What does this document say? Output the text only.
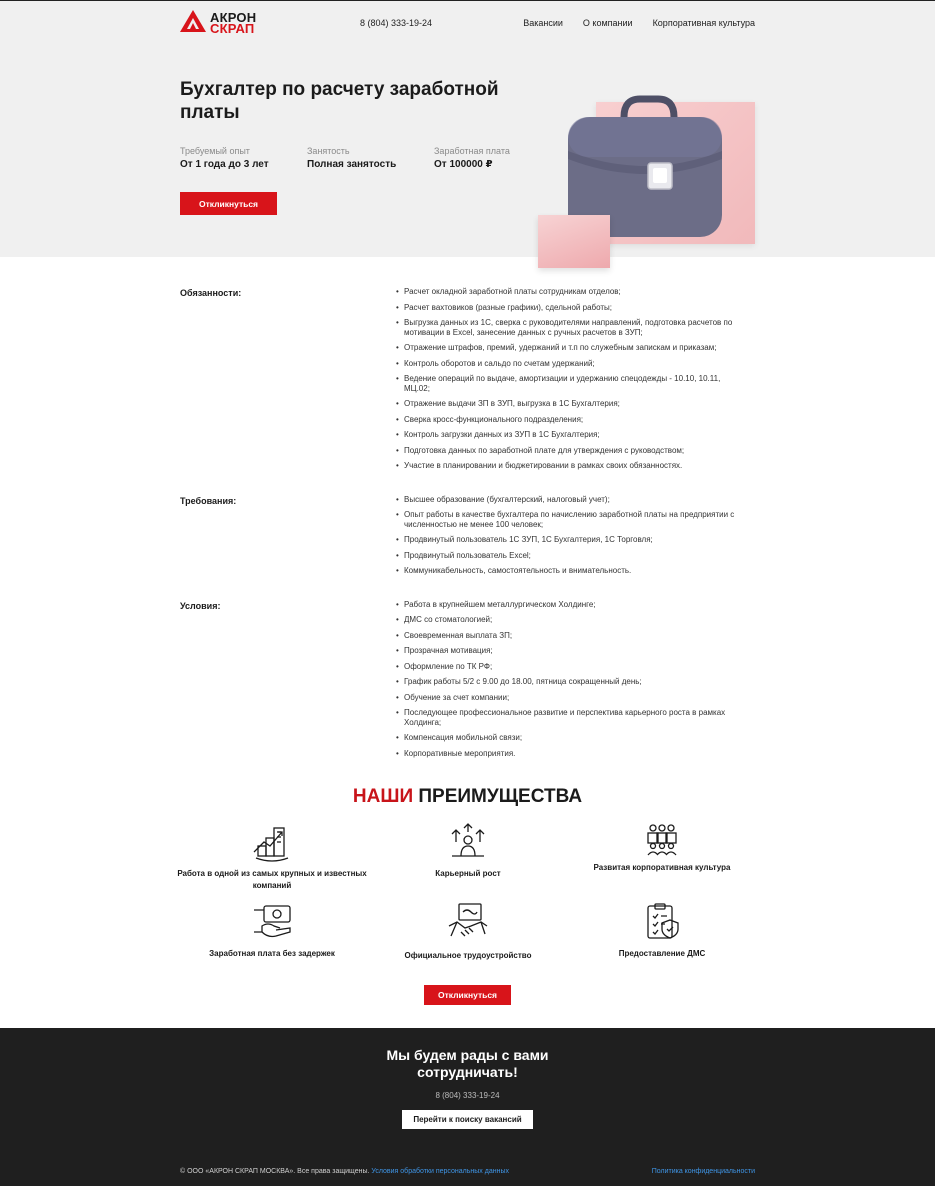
АКРОН
СКРАП	8 (804) 333-19-24	Вакансии О компании Корпоративная культура
Бухгалтер по расчету заработной платы
Требуемый опыт
От 1 года до 3 лет
Занятость
Полная занятость
Заработная плата
От 100000 ₽
Откликнуться
Обязанности:	• Расчет окладной заработной платы сотрудникам отделов;
• Расчет вахтовиков (разные графики), сдельной работы;
• Выгрузка данных из 1С, сверка с руководителями направлений, подготовка расчетов по мотивации в Excel, занесение данных с ручных расчетов в ЗУП;
• Отражение штрафов, премий, удержаний и т.п по служебным запискам и приказам;
• Контроль оборотов и сальдо по счетам удержаний;
• Ведение операций по выдаче, амортизации и удержанию спецодежды - 10.10, 10.11, МЦ.02;
• Отражение выдачи ЗП в ЗУП, выгрузка в 1С Бухгалтерия;
• Сверка кросс-функционального подразделения;
• Контроль загрузки данных из ЗУП в 1С Бухгалтерия;
• Подготовка данных по заработной плате для утверждения с руководством;
• Участие в планировании и бюджетировании в рамках своих обязанностях.
Требования:	• Высшее образование (бухгалтерский, налоговый учет);
• Опыт работы в качестве бухгалтера по начислению заработной платы на предприятии с численностью не менее 100 человек;
• Продвинутый пользователь 1С ЗУП, 1С Бухгалтерия, 1С Торговля;
• Продвинутый пользователь Excel;
• Коммуникабельность, самостоятельность и внимательность.
Условия:	• Работа в крупнейшем металлургическом Холдинге;
• ДМС со стоматологией;
• Своевременная выплата ЗП;
• Прозрачная мотивация;
• Оформление по ТК РФ;
• График работы 5/2 с 9.00 до 18.00, пятница сокращенный день;
• Обучение за счет компании;
• Последующее профессиональное развитие и перспектива карьерного роста в рамках Холдинга;
• Компенсация мобильной связи;
• Корпоративные мероприятия.
НАШИ ПРЕИМУЩЕСТВА
Работа в одной из самых крупных и известных компаний
Карьерный рост
Развитая корпоративная культура
Заработная плата без задержек	Официальное трудоустройство	Предоставление ДМС
Откликнуться
Мы будем рады с вами сотрудничать!
8 (804) 333-19-24
Перейти к поиску вакансий
© ООО «АКРОН СКРАП МОСКВА». Все права защищены. Условия обработки персональных данных	Политика конфиденциальности
